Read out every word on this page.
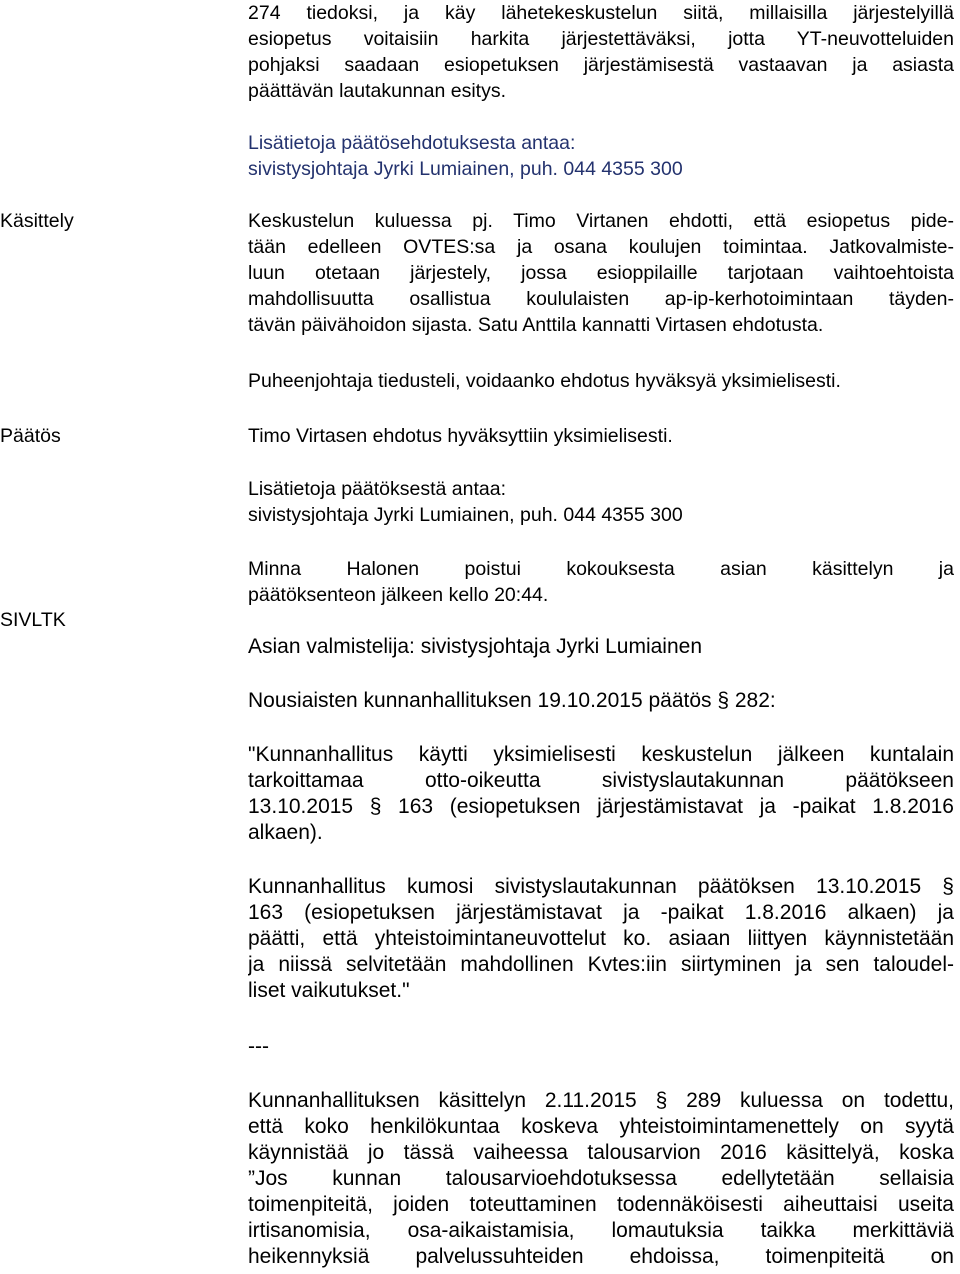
274 tiedoksi, ja käy lähetekeskustelun siitä, millaisilla järjestelyillä
esiopetus voitaisiin harkita järjestettäväksi, jotta YT-neuvotteluiden
pohjaksi saadaan esiopetuksen järjestämisestä vastaavan ja asiasta
päättävän lautakunnan esitys.
Lisätietoja päätösehdotuksesta antaa:
sivistysjohtaja Jyrki Lumiainen, puh. 044 4355 300
Käsittely	Keskustelun kuluessa pj. Timo Virtanen ehdotti, että esiopetus pide-
tään edelleen OVTES:sa ja osana koulujen toimintaa. Jatkovalmiste-
luun otetaan järjestely, jossa esioppilaille tarjotaan vaihtoehtoista
mahdollisuutta osallistua koululaisten ap-ip-kerhotoimintaan täyden-
tävän päivähoidon sijasta. Satu Anttila kannatti Virtasen ehdotusta.
Puheenjohtaja tiedusteli, voidaanko ehdotus hyväksyä yksimielisesti.
Päätös	Timo Virtasen ehdotus hyväksyttiin yksimielisesti.
Lisätietoja päätöksestä antaa:
sivistysjohtaja Jyrki Lumiainen, puh. 044 4355 300
Minna Halonen poistui kokouksesta asian käsittelyn ja
päätöksenteon jälkeen kello 20:44.
SIVLTK
Asian valmistelija: sivistysjohtaja Jyrki Lumiainen
Nousiaisten kunnanhallituksen 19.10.2015 päätös § 282:
"Kunnanhallitus käytti yksimielisesti keskustelun jälkeen kuntalain
tarkoittamaa otto-oikeutta sivistyslautakunnan päätökseen
13.10.2015 § 163 (esiopetuksen järjestämistavat ja -paikat 1.8.2016
alkaen).
Kunnanhallitus kumosi sivistyslautakunnan päätöksen 13.10.2015 §
163 (esiopetuksen järjestämistavat ja -paikat 1.8.2016 alkaen) ja
päätti, että yhteistoimintaneuvottelut ko. asiaan liittyen käynnistetään
ja niissä selvitetään mahdollinen Kvtes:iin siirtyminen ja sen taloudel-
liset vaikutukset."
---
Kunnanhallituksen käsittelyn 2.11.2015 § 289 kuluessa on todettu,
että koko henkilökuntaa koskeva yhteistoimintamenettely on syytä
käynnistää jo tässä vaiheessa talousarvion 2016 käsittelyä, koska
”Jos kunnan talousarvioehdotuksessa edellytetään sellaisia
toimenpiteitä, joiden toteuttaminen todennäköisesti aiheuttaisi useita
irtisanomisia, osa-aikaistamisia, lomautuksia taikka merkittäviä
heikennyksiä palvelussuhteiden ehdoissa, toimenpiteitä on
